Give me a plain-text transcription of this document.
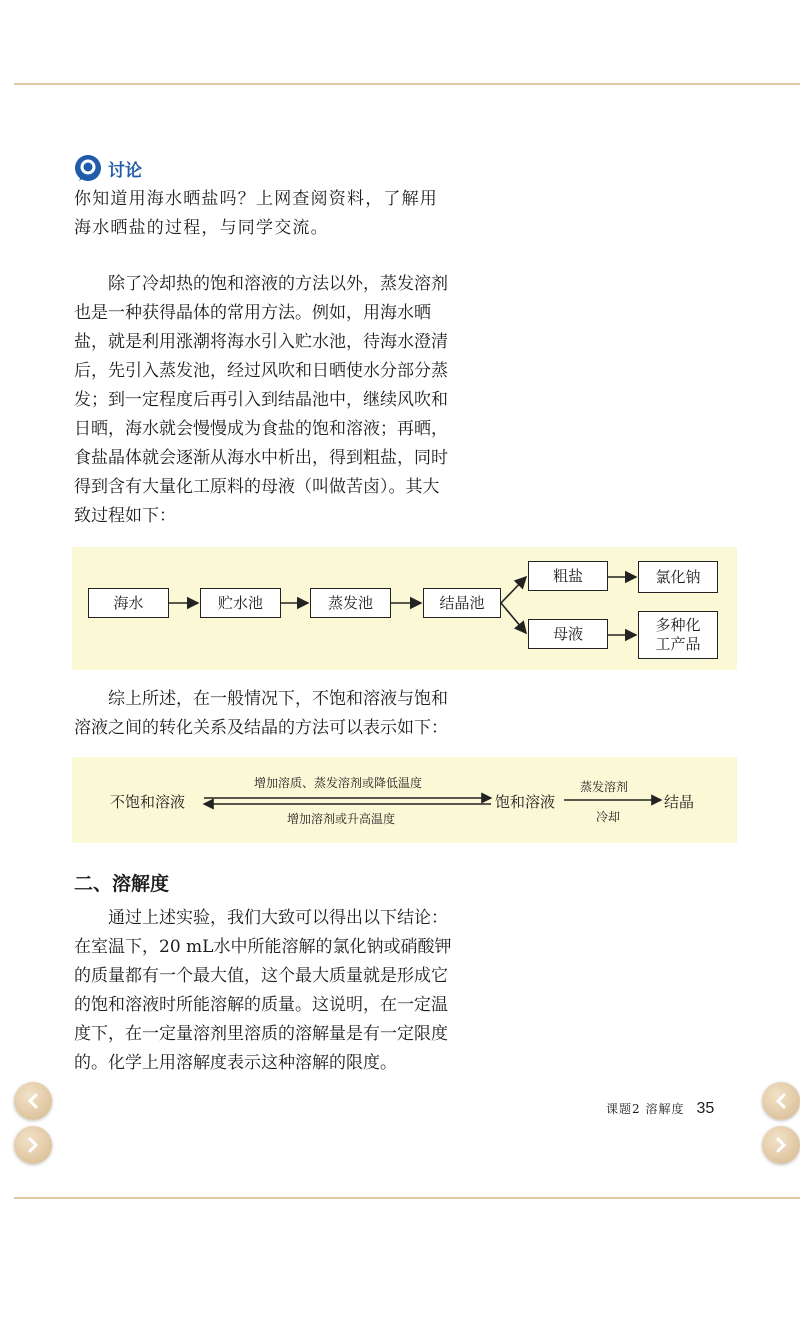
讨论

你知道用海水晒盐吗？上网查阅资料，了解用
海水晒盐的过程，与同学交流。

除了冷却热的饱和溶液的方法以外，蒸发溶剂
也是一种获得晶体的常用方法。例如，用海水晒
盐，就是利用涨潮将海水引入贮水池，待海水澄清
后，先引入蒸发池，经过风吹和日晒使水分部分蒸
发；到一定程度后再引入到结晶池中，继续风吹和
日晒，海水就会慢慢成为食盐的饱和溶液；再晒，
食盐晶体就会逐渐从海水中析出，得到粗盐，同时
得到含有大量化工原料的母液（叫做苦卤）。其大
致过程如下：

海水	贮水池	蒸发池	结晶池
粗盐	氯化钠
母液	多种化
工产品

综上所述，在一般情况下，不饱和溶液与饱和
溶液之间的转化关系及结晶的方法可以表示如下：

不饱和溶液	饱和溶液	结晶
增加溶质、蒸发溶剂或降低温度
增加溶剂或升高温度
蒸发溶剂
冷却
二、溶解度

通过上述实验，我们大致可以得出以下结论：
在室温下，20 mL水中所能溶解的氯化钠或硝酸钾
的质量都有一个最大值，这个最大质量就是形成它
的饱和溶液时所能溶解的质量。这说明，在一定温
度下，在一定量溶剂里溶质的溶解量是有一定限度
的。化学上用溶解度表示这种溶解的限度。

课题2 溶解度 35
